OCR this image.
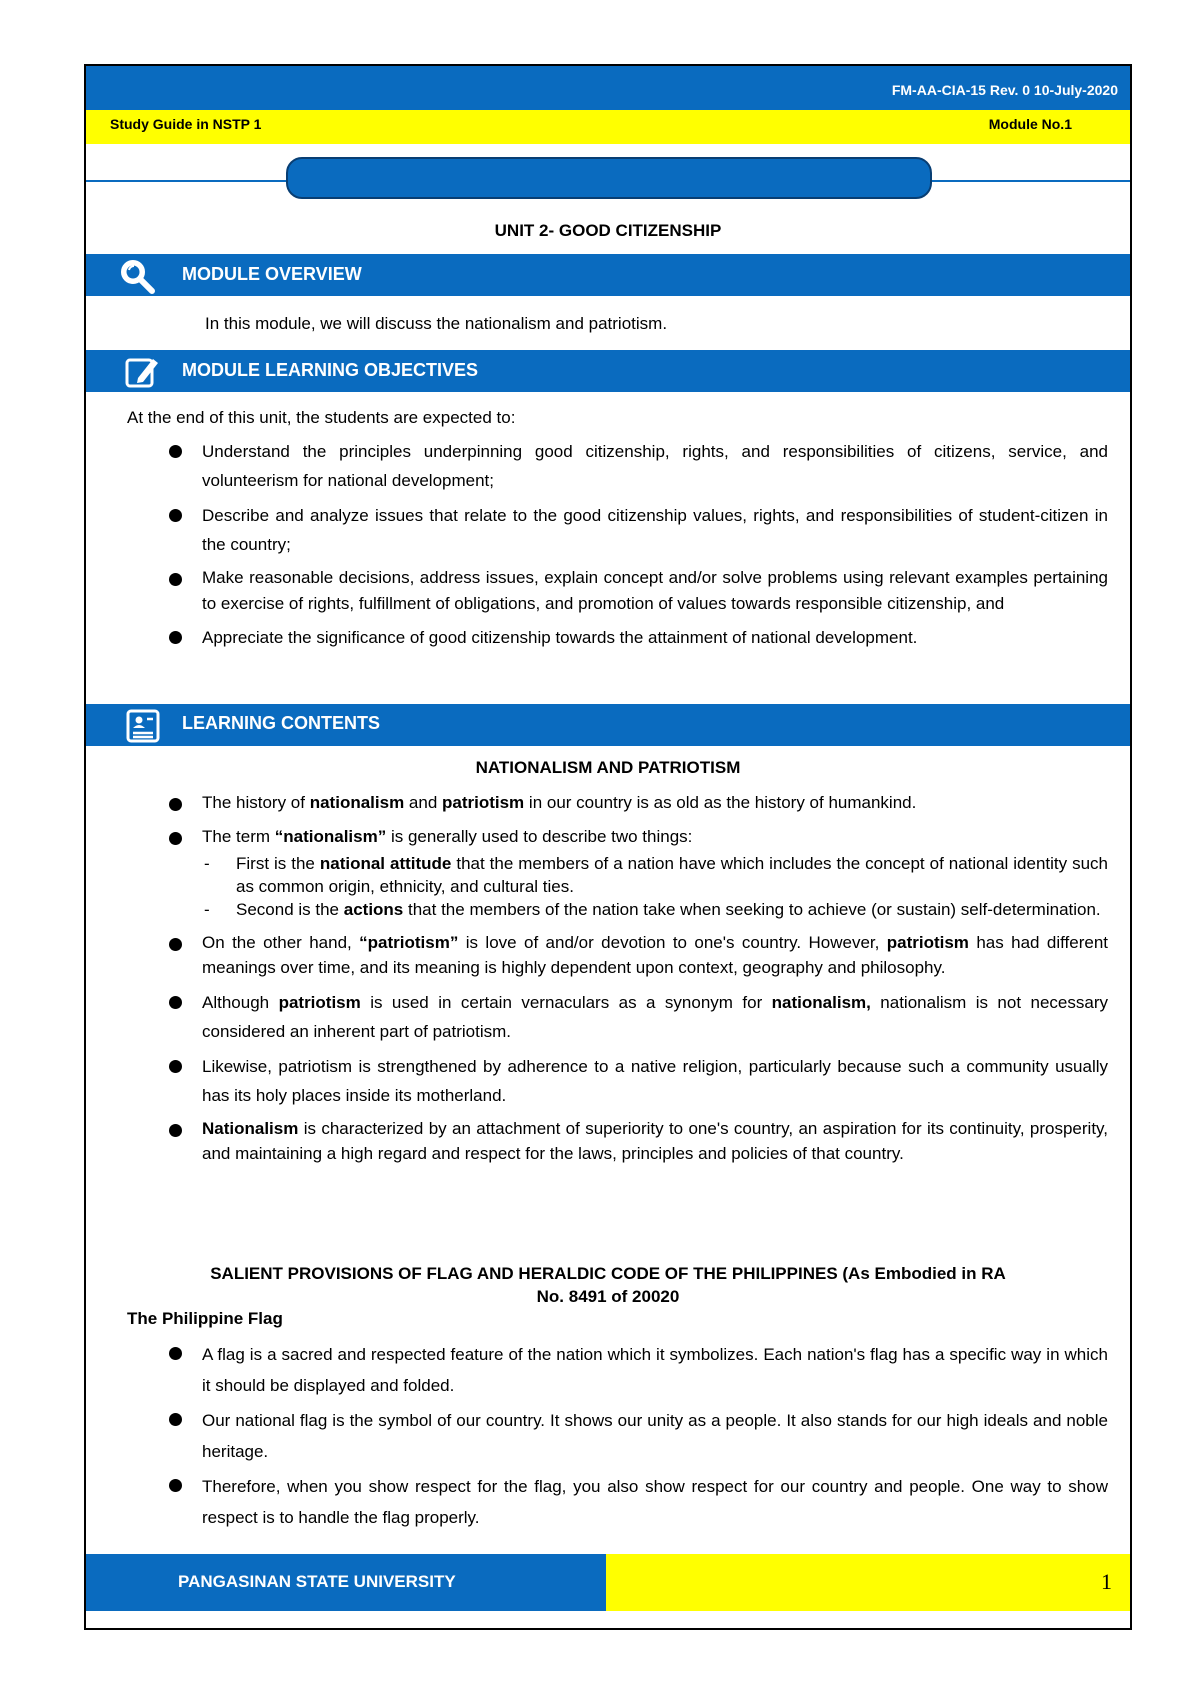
FM-AA-CIA-15 Rev. 0 10-July-2020
Study Guide in NSTP 1	Module No.1
UNIT 2- GOOD CITIZENSHIP
MODULE OVERVIEW
In this module, we will discuss the nationalism and patriotism.
MODULE LEARNING OBJECTIVES
At the end of this unit, the students are expected to:
Understand the principles underpinning good citizenship, rights, and responsibilities of citizens, service, and volunteerism for national development;
Describe and analyze issues that relate to the good citizenship values, rights, and responsibilities of student-citizen in the country;
Make reasonable decisions, address issues, explain concept and/or solve problems using relevant examples pertaining to exercise of rights, fulfillment of obligations, and promotion of values towards responsible citizenship, and
Appreciate the significance of good citizenship towards the attainment of national development.
LEARNING CONTENTS
NATIONALISM AND PATRIOTISM
The history of nationalism and patriotism in our country is as old as the history of humankind.
The term “nationalism” is generally used to describe two things:
- First is the national attitude that the members of a nation have which includes the concept of national identity such as common origin, ethnicity, and cultural ties.
- Second is the actions that the members of the nation take when seeking to achieve (or sustain) self-determination.
On the other hand, “patriotism” is love of and/or devotion to one's country. However, patriotism has had different meanings over time, and its meaning is highly dependent upon context, geography and philosophy.
Although patriotism is used in certain vernaculars as a synonym for nationalism, nationalism is not necessary considered an inherent part of patriotism.
Likewise, patriotism is strengthened by adherence to a native religion, particularly because such a community usually has its holy places inside its motherland.
Nationalism is characterized by an attachment of superiority to one's country, an aspiration for its continuity, prosperity, and maintaining a high regard and respect for the laws, principles and policies of that country.
SALIENT PROVISIONS OF FLAG AND HERALDIC CODE OF THE PHILIPPINES (As Embodied in RA
No. 8491 of 20020
The Philippine Flag
A flag is a sacred and respected feature of the nation which it symbolizes. Each nation's flag has a specific way in which it should be displayed and folded.
Our national flag is the symbol of our country. It shows our unity as a people. It also stands for our high ideals and noble heritage.
Therefore, when you show respect for the flag, you also show respect for our country and people. One way to show respect is to handle the flag properly.
PANGASINAN STATE UNIVERSITY	1
